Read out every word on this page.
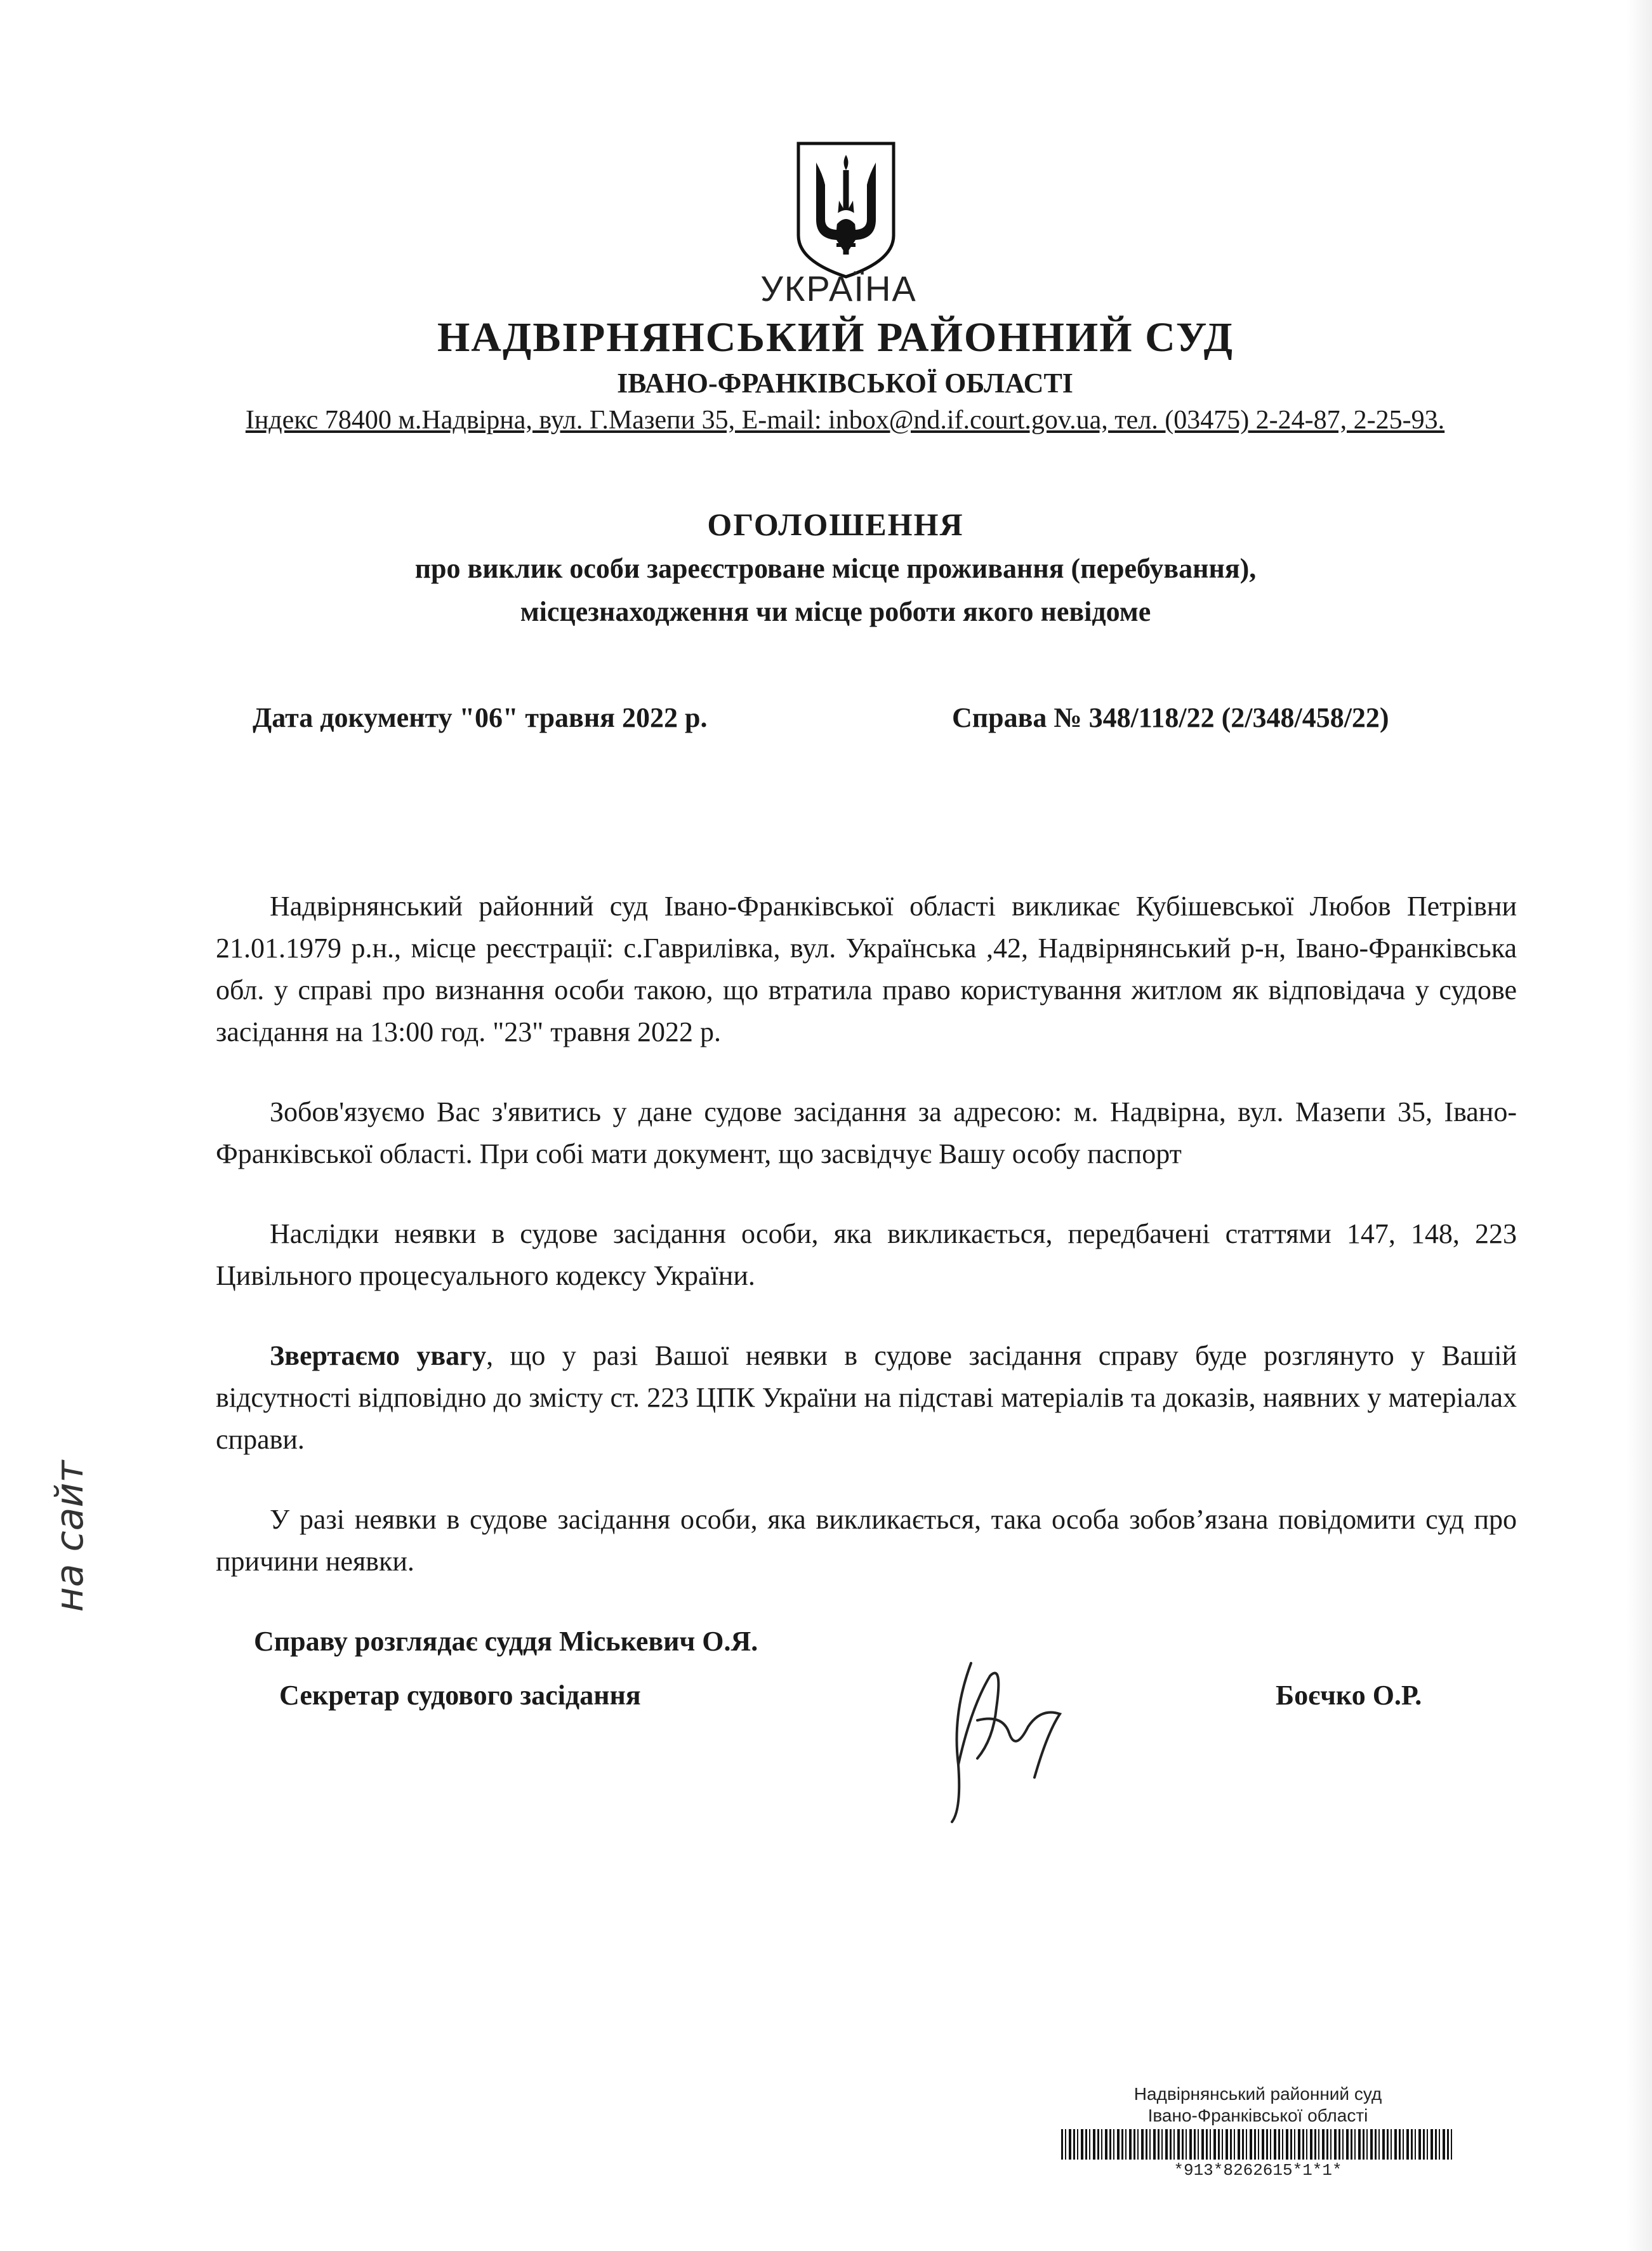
УКРАЇНА
НАДВІРНЯНСЬКИЙ РАЙОННИЙ СУД
ІВАНО-ФРАНКІВСЬКОЇ ОБЛАСТІ
Індекс 78400 м.Надвірна, вул. Г.Мазепи 35, E-mail: inbox@nd.if.court.gov.ua, тел. (03475) 2-24-87, 2-25-93.
ОГОЛОШЕННЯ
про виклик особи зареєстроване місце проживання (перебування),
місцезнаходження чи місце роботи якого невідоме
Дата документу "06" травня 2022 р.	Справа № 348/118/22 (2/348/458/22)

Надвірнянський районний суд Івано-Франківської області викликає Кубішевської Любов Петрівни 21.01.1979 р.н., місце реєстрації: с.Гаврилівка, вул. Українська ,42, Надвірнянський р-н, Івано-Франківська обл. у справі про визнання особи такою, що втратила право користування житлом як відповідача у судове засідання на 13:00 год. "23" травня 2022 р.

Зобов'язуємо Вас з'явитись у дане судове засідання за адресою: м. Надвірна, вул. Мазепи 35, Івано-Франківської області. При собі мати документ, що засвідчує Вашу особу паспорт

Наслідки неявки в судове засідання особи, яка викликається, передбачені статтями 147, 148, 223 Цивільного процесуального кодексу України.

Звертаємо увагу, що у разі Вашої неявки в судове засідання справу буде розглянуто у Вашій відсутності відповідно до змісту ст. 223 ЦПК України на підставі матеріалів та доказів, наявних у матеріалах справи.

У разі неявки в судове засідання особи, яка викликається, така особа зобов’язана повідомити суд про причини неявки.

Справу розглядає суддя Міськевич О.Я.

Секретар судового засідання	Боєчко О.Р.
на сайт
Надвірнянський районний суд
Івано-Франківської області
*913*8262615*1*1*
